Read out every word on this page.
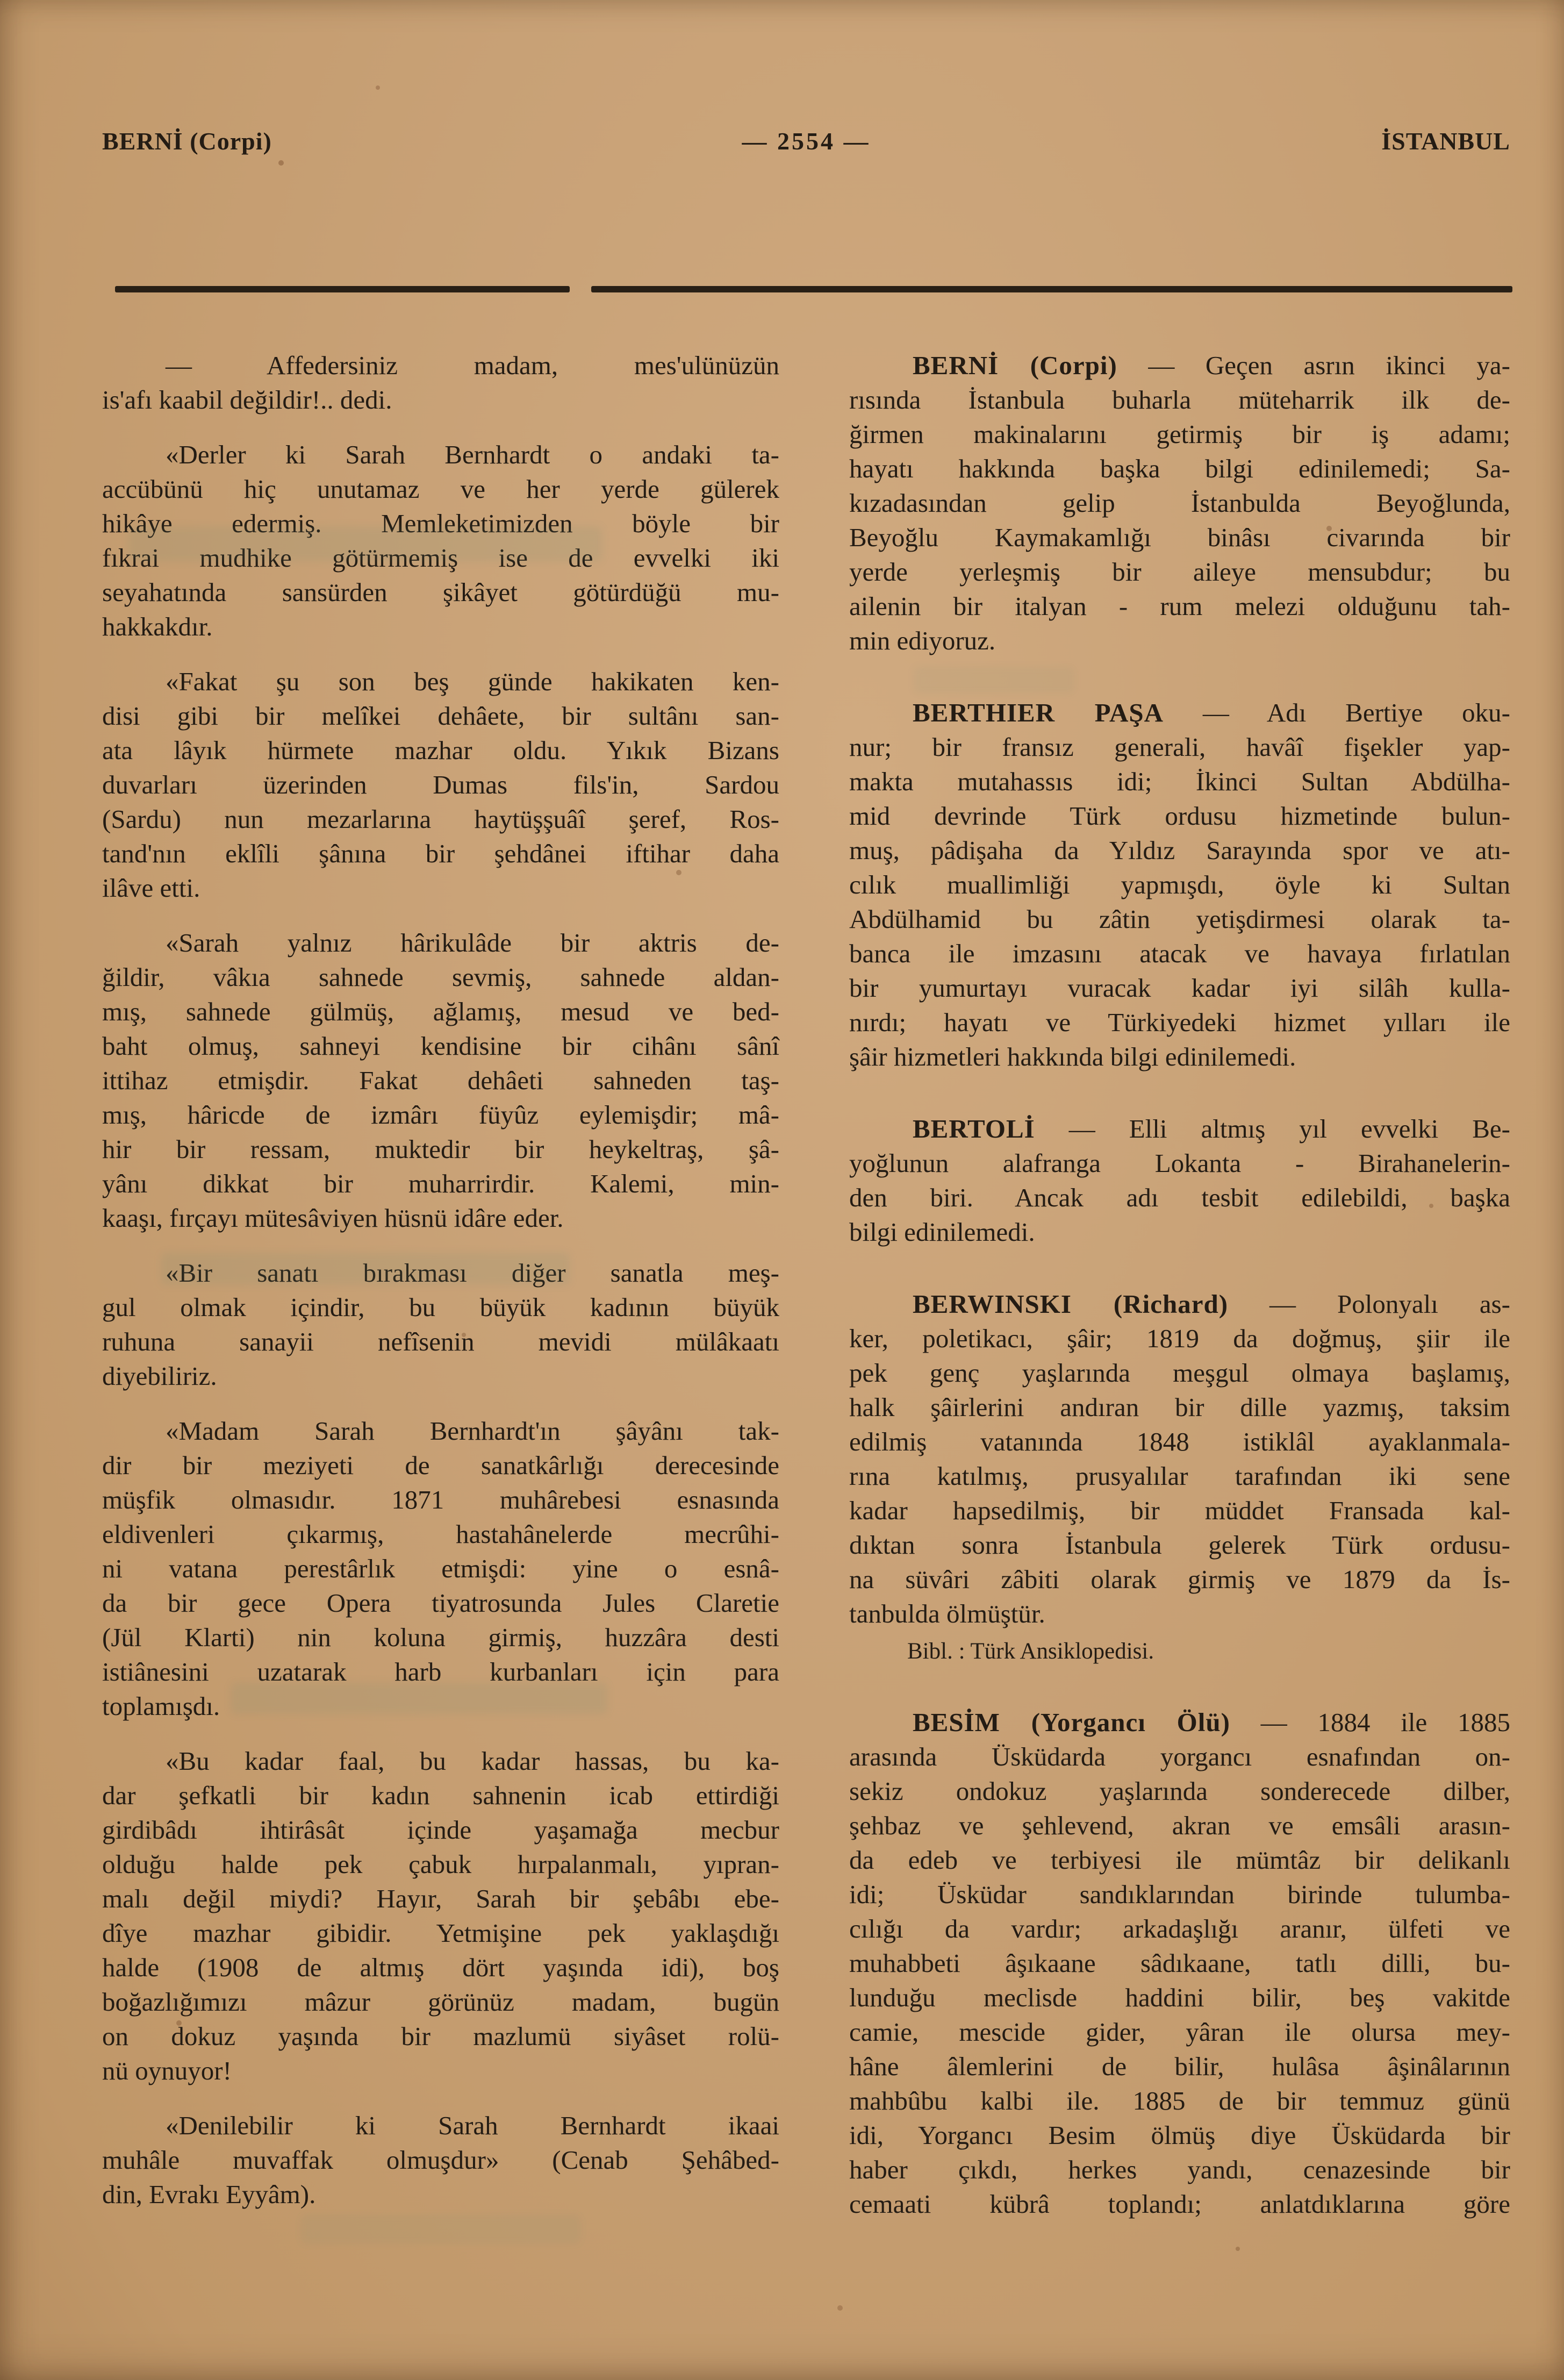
BERNİ (Corpi)	— 2554 —	İSTANBUL
— Affedersiniz madam, mes'ulünüzün
is'afı kaabil değildir!.. dedi.
«Derler ki Sarah Bernhardt o andaki ta-
accübünü hiç unutamaz ve her yerde gülerek
hikâye edermiş. Memleketimizden böyle bir
fıkrai mudhike götürmemiş ise de evvelki iki
seyahatında sansürden şikâyet götürdüğü mu-
hakkakdır.
«Fakat şu son beş günde hakikaten ken-
disi gibi bir melîkei dehâete, bir sultânı san-
ata lâyık hürmete mazhar oldu. Yıkık Bizans
duvarları üzerinden Dumas fils'in, Sardou
(Sardu) nun mezarlarına haytüşşuâî şeref, Ros-
tand'nın eklîli şânına bir şehdânei iftihar daha
ilâve etti.
«Sarah yalnız hârikulâde bir aktris de-
ğildir, vâkıa sahnede sevmiş, sahnede aldan-
mış, sahnede gülmüş, ağlamış, mesud ve bed-
baht olmuş, sahneyi kendisine bir cihânı sânî
ittihaz etmişdir. Fakat dehâeti sahneden taş-
mış, hâricde de izmârı füyûz eylemişdir; mâ-
hir bir ressam, muktedir bir heykeltraş, şâ-
yânı dikkat bir muharrirdir. Kalemi, min-
kaaşı, fırçayı mütesâviyen hüsnü idâre eder.
«Bir sanatı bırakması diğer sanatla meş-
gul olmak içindir, bu büyük kadının büyük
ruhuna sanayii nefîsenin mevidi mülâkaatı
diyebiliriz.
«Madam Sarah Bernhardt'ın şâyânı tak-
dir bir meziyeti de sanatkârlığı derecesinde
müşfik olmasıdır. 1871 muhârebesi esnasında
eldivenleri çıkarmış, hastahânelerde mecrûhi-
ni vatana perestârlık etmişdi: yine o esnâ-
da bir gece Opera tiyatrosunda Jules Claretie
(Jül Klarti) nin koluna girmiş, huzzâra desti
istiânesini uzatarak harb kurbanları için para
toplamışdı.
«Bu kadar faal, bu kadar hassas, bu ka-
dar şefkatli bir kadın sahnenin icab ettirdiği
girdibâdı ihtirâsât içinde yaşamağa mecbur
olduğu halde pek çabuk hırpalanmalı, yıpran-
malı değil miydi? Hayır, Sarah bir şebâbı ebe-
dîye mazhar gibidir. Yetmişine pek yaklaşdığı
halde (1908 de altmış dört yaşında idi), boş
boğazlığımızı mâzur görünüz madam, bugün
on dokuz yaşında bir mazlumü siyâset rolü-
nü oynuyor!
«Denilebilir ki Sarah Bernhardt ikaai
muhâle muvaffak olmuşdur» (Cenab Şehâbed-
din, Evrakı Eyyâm).
BERNİ (Corpi) — Geçen asrın ikinci ya-
rısında İstanbula buharla müteharrik ilk de-
ğirmen makinalarını getirmiş bir iş adamı;
hayatı hakkında başka bilgi edinilemedi; Sa-
kızadasından gelip İstanbulda Beyoğlunda,
Beyoğlu Kaymakamlığı binâsı civarında bir
yerde yerleşmiş bir aileye mensubdur; bu
ailenin bir italyan - rum melezi olduğunu tah-
min ediyoruz.
BERTHIER PAŞA — Adı Bertiye oku-
nur; bir fransız generali, havâî fişekler yap-
makta mutahassıs idi; İkinci Sultan Abdülha-
mid devrinde Türk ordusu hizmetinde bulun-
muş, pâdişaha da Yıldız Sarayında spor ve atı-
cılık muallimliği yapmışdı, öyle ki Sultan
Abdülhamid bu zâtin yetişdirmesi olarak ta-
banca ile imzasını atacak ve havaya fırlatılan
bir yumurtayı vuracak kadar iyi silâh kulla-
nırdı; hayatı ve Türkiyedeki hizmet yılları ile
şâir hizmetleri hakkında bilgi edinilemedi.
BERTOLİ — Elli altmış yıl evvelki Be-
yoğlunun alafranga Lokanta - Birahanelerin-
den biri. Ancak adı tesbit edilebildi, başka
bilgi edinilemedi.
BERWINSKI (Richard) — Polonyalı as-
ker, poletikacı, şâir; 1819 da doğmuş, şiir ile
pek genç yaşlarında meşgul olmaya başlamış,
halk şâirlerini andıran bir dille yazmış, taksim
edilmiş vatanında 1848 istiklâl ayaklanmala-
rına katılmış, prusyalılar tarafından iki sene
kadar hapsedilmiş, bir müddet Fransada kal-
dıktan sonra İstanbula gelerek Türk ordusu-
na süvâri zâbiti olarak girmiş ve 1879 da İs-
tanbulda ölmüştür.
Bibl. : Türk Ansiklopedisi.
BESİM (Yorgancı Ölü) — 1884 ile 1885
arasında Üsküdarda yorgancı esnafından on-
sekiz ondokuz yaşlarında sonderecede dilber,
şehbaz ve şehlevend, akran ve emsâli arasın-
da edeb ve terbiyesi ile mümtâz bir delikanlı
idi; Üsküdar sandıklarından birinde tulumba-
cılığı da vardır; arkadaşlığı aranır, ülfeti ve
muhabbeti âşıkaane sâdıkaane, tatlı dilli, bu-
lunduğu meclisde haddini bilir, beş vakitde
camie, mescide gider, yâran ile olursa mey-
hâne âlemlerini de bilir, hulâsa âşinâlarının
mahbûbu kalbi ile. 1885 de bir temmuz günü
idi, Yorgancı Besim ölmüş diye Üsküdarda bir
haber çıkdı, herkes yandı, cenazesinde bir
cemaati kübrâ toplandı; anlatdıklarına göre
